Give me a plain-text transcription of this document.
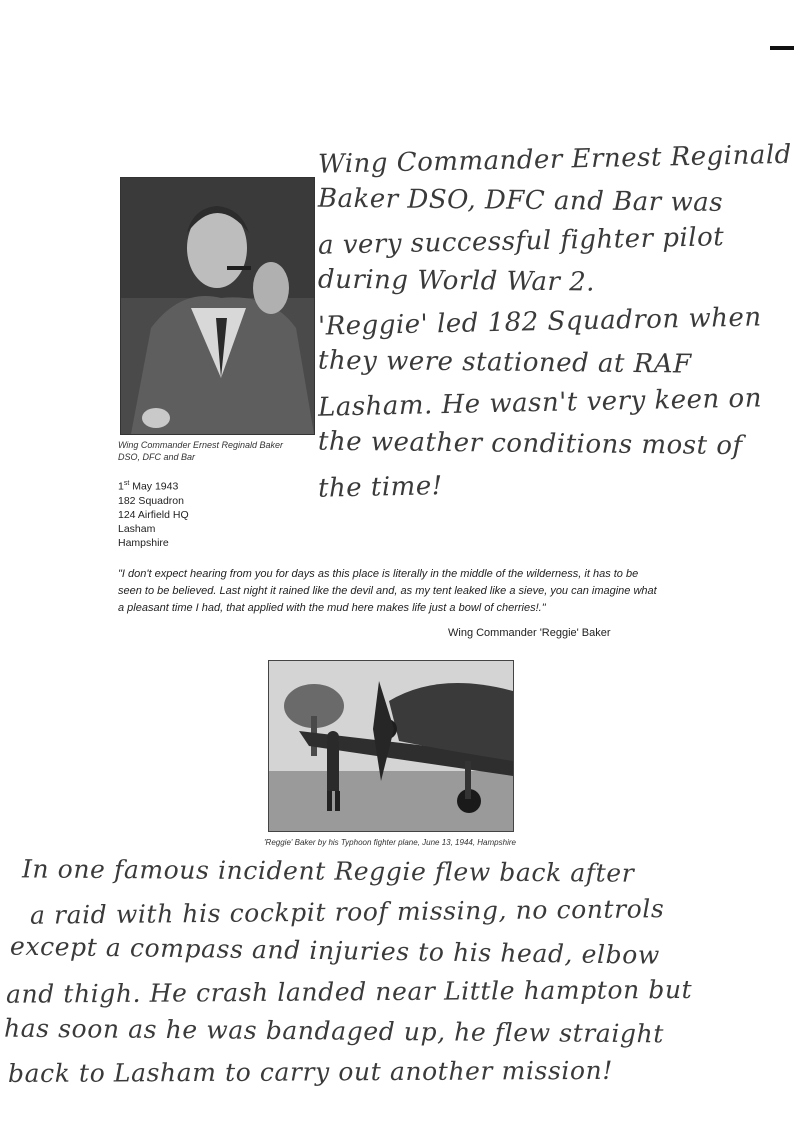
Wing Commander Ernest Reginald Baker
DSO, DFC and Bar
Wing Commander Ernest Reginald
Baker DSO, DFC and Bar was
a very successful fighter pilot
during World War 2.
'Reggie' led 182 Squadron when
they were stationed at RAF
Lasham. He wasn't very keen on
the weather conditions most of
the time!
1st May 1943
182 Squadron
124 Airfield HQ
Lasham
Hampshire
"I don't expect hearing from you for days as this place is literally in the middle of the wilderness, it has to be seen to be believed. Last night it rained like the devil and, as my tent leaked like a sieve, you can imagine what a pleasant time I had, that applied with the mud here makes life just a bowl of cherries!."
Wing Commander 'Reggie' Baker
'Reggie' Baker by his Typhoon fighter plane, June 13, 1944, Hampshire
In one famous incident Reggie flew back after
a raid with his cockpit roof missing, no controls
except a compass and injuries to his head, elbow
and thigh. He crash landed near Little hampton but
has soon as he was bandaged up, he flew straight
back to Lasham to carry out another mission!
